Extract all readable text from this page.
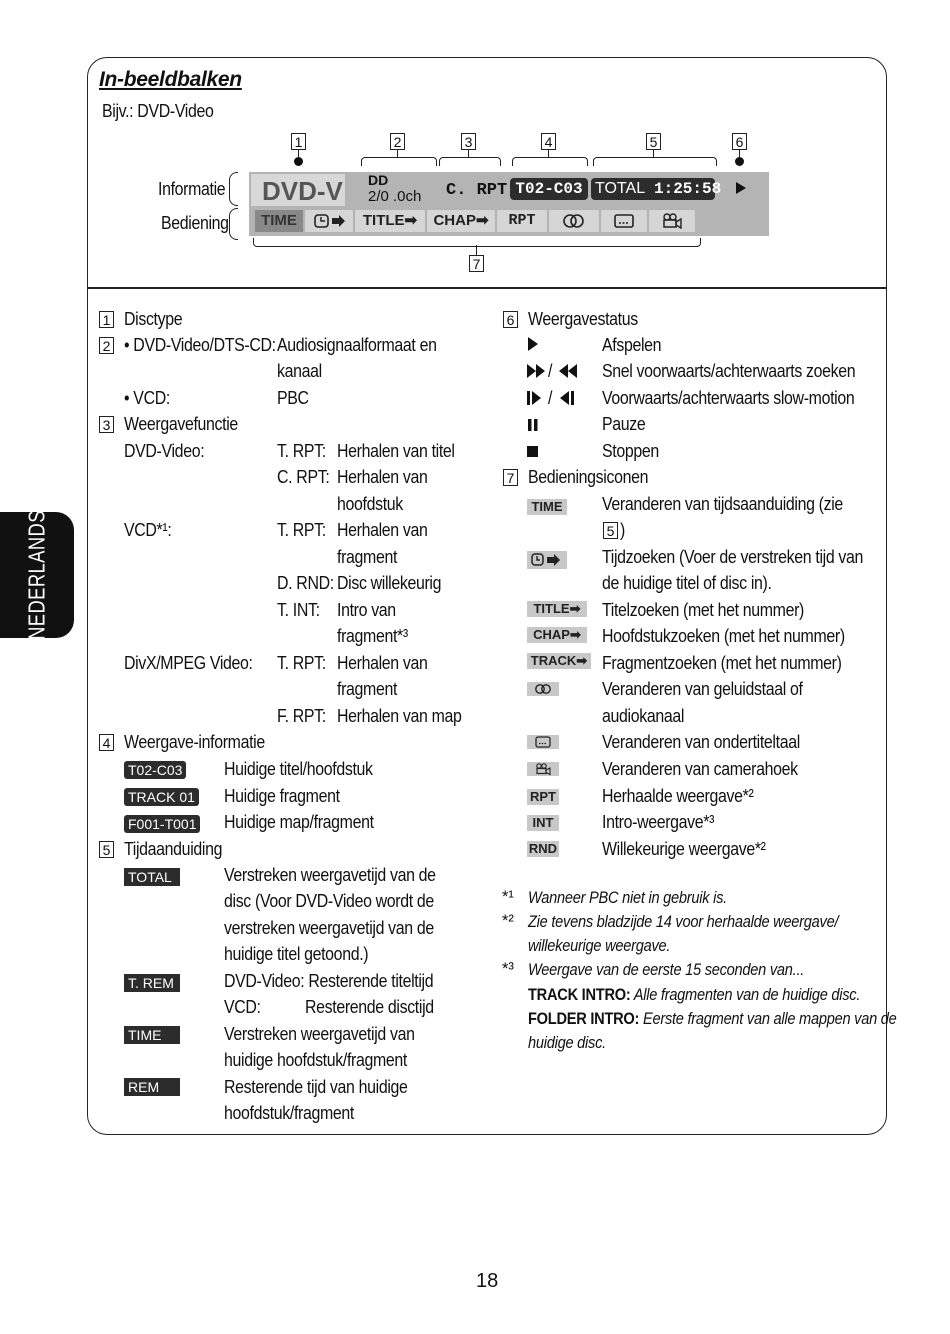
NEDERLANDS
In-beeldbalken
Bijv.: DVD-Video
1	2	3	4	5	6
7
Informatie
Bediening
DVD-V DD
2/0 .0ch C. RPT T02-C03 TOTAL 1:25:58
TIME	TITLE➡	CHAP➡	RPT
1 Disctype
2 • DVD-Video/DTS-CD: Audiosignaalformaat en
kanaal
• VCD:	PBC
3 Weergavefunctie
DVD-Video:	T. RPT: Herhalen van titel
C. RPT: Herhalen van
hoofdstuk
VCD*¹:	T. RPT: Herhalen van
fragment
D. RND: Disc willekeurig
T. INT: Intro van
fragment*³
DivX/MPEG Video: T. RPT: Herhalen van
fragment
F. RPT: Herhalen van map
4 Weergave-informatie
T02-C03 Huidige titel/hoofdstuk
TRACK 01 Huidige fragment
F001-T001 Huidige map/fragment
5 Tijdaanduiding
TOTAL	Verstreken weergavetijd van de
disc (Voor DVD-Video wordt de
verstreken weergavetijd van de
huidige titel getoond.)
T. REM	DVD-Video: Resterende titeltijd
VCD: Resterende disctijd
TIME	Verstreken weergavetijd van
huidige hoofdstuk/fragment
REM	Resterende tijd van huidige
hoofdstuk/fragment
6 Weergavestatus
Afspelen
/	Snel voorwaarts/achterwaarts zoeken
/	Voorwaarts/achterwaarts slow-motion
Pauze
Stoppen
7 Bedieningsiconen
TIME Veranderen van tijdsaanduiding (zie
5 )
Tijdzoeken (Voer de verstreken tijd van
de huidige titel of disc in).
TITLE➡	Titelzoeken (met het nummer)
CHAP➡	Hoofdstukzoeken (met het nummer)
TRACK➡ Fragmentzoeken (met het nummer)
Veranderen van geluidstaal of
audiokanaal
Veranderen van ondertiteltaal
Veranderen van camerahoek
RPT Herhaalde weergave*²
INT	Intro-weergave*³
RND Willekeurige weergave*²
*¹ Wanneer PBC niet in gebruik is.
*² Zie tevens bladzijde 14 voor herhaalde weergave/
willekeurige weergave.
*³ Weergave van de eerste 15 seconden van...
TRACK INTRO: Alle fragmenten van de huidige disc.
FOLDER INTRO: Eerste fragment van alle mappen van de
huidige disc.
18
